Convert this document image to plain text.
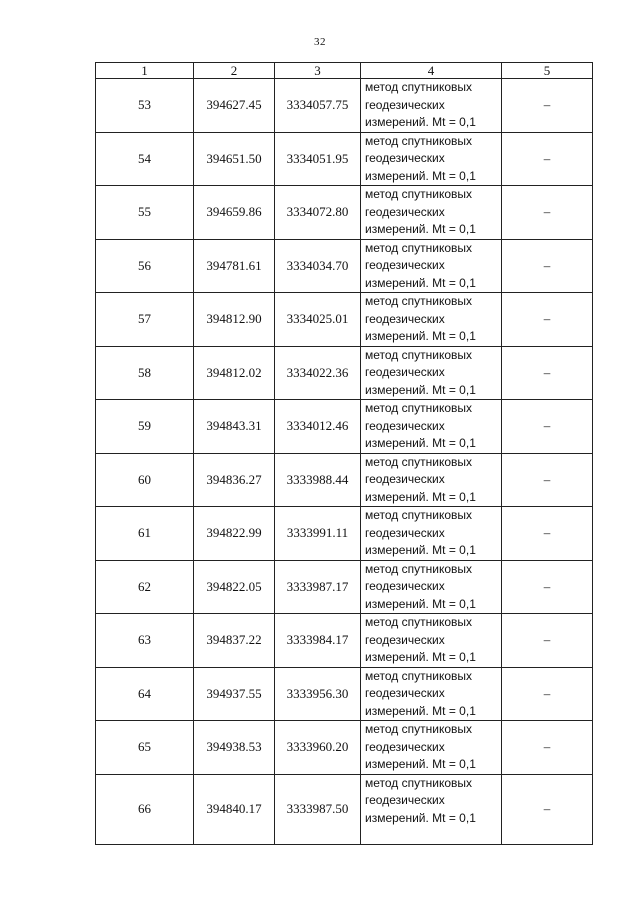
32
1	2	3	4	5
53	394627.45	3334057.75	метод спутниковых
геодезических
измерений. Mt = 0,1	–
54	394651.50	3334051.95	метод спутниковых
геодезических
измерений. Mt = 0,1	–
55	394659.86	3334072.80	метод спутниковых
геодезических
измерений. Mt = 0,1	–
56	394781.61	3334034.70	метод спутниковых
геодезических
измерений. Mt = 0,1	–
57	394812.90	3334025.01	метод спутниковых
геодезических
измерений. Mt = 0,1	–
58	394812.02	3334022.36	метод спутниковых
геодезических
измерений. Mt = 0,1	–
59	394843.31	3334012.46	метод спутниковых
геодезических
измерений. Mt = 0,1	–
60	394836.27	3333988.44	метод спутниковых
геодезических
измерений. Mt = 0,1	–
61	394822.99	3333991.11	метод спутниковых
геодезических
измерений. Mt = 0,1	–
62	394822.05	3333987.17	метод спутниковых
геодезических
измерений. Mt = 0,1	–
63	394837.22	3333984.17	метод спутниковых
геодезических
измерений. Mt = 0,1	–
64	394937.55	3333956.30	метод спутниковых
геодезических
измерений. Mt = 0,1	–
65	394938.53	3333960.20	метод спутниковых
геодезических
измерений. Mt = 0,1	–
66	394840.17	3333987.50	метод спутниковых
геодезических
измерений. Mt = 0,1	–
